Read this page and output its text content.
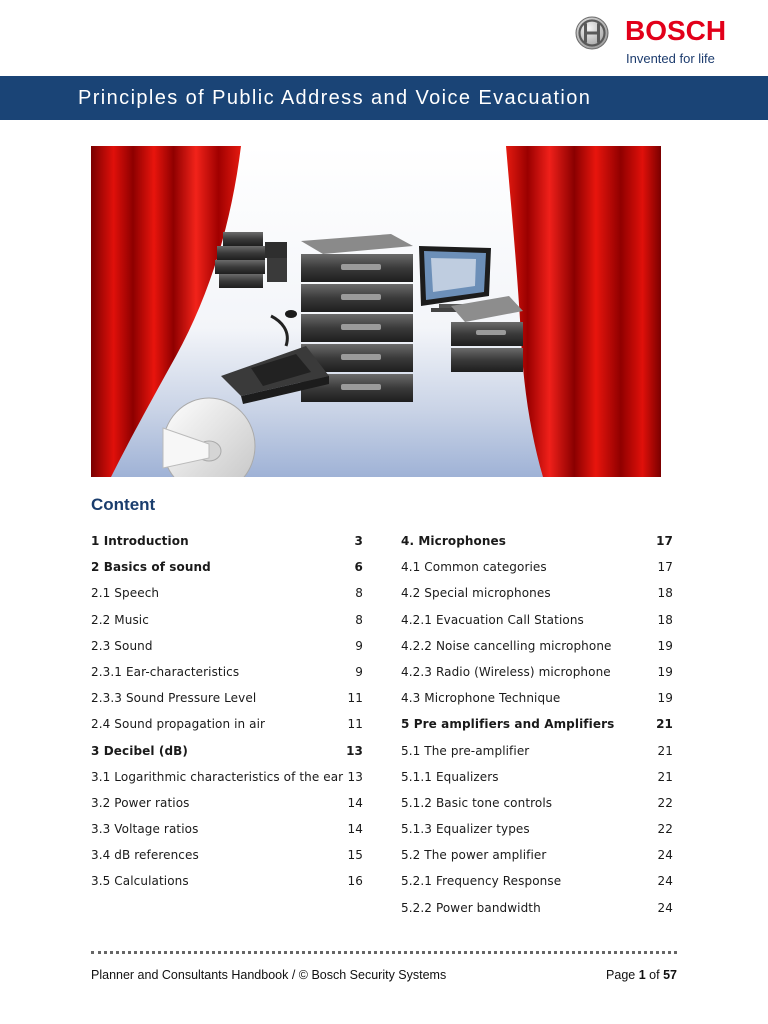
BOSCH
Invented for life
Principles of Public Address and Voice Evacuation
Content
1 Introduction	3
2 Basics of sound	6
2.1 Speech	8
2.2 Music	8
2.3 Sound	9
2.3.1 Ear-characteristics	9
2.3.3 Sound Pressure Level	11
2.4 Sound propagation in air	11
3 Decibel (dB)	13
3.1 Logarithmic characteristics of the ear 13
3.2 Power ratios	14
3.3 Voltage ratios	14
3.4 dB references	15
3.5 Calculations	16
4. Microphones	17
4.1 Common categories	17
4.2 Special microphones	18
4.2.1 Evacuation Call Stations	18
4.2.2 Noise cancelling microphone	19
4.2.3 Radio (Wireless) microphone	19
4.3 Microphone Technique	19
5 Pre amplifiers and Amplifiers	21
5.1 The pre-amplifier	21
5.1.1 Equalizers	21
5.1.2 Basic tone controls	22
5.1.3 Equalizer types	22
5.2 The power amplifier	24
5.2.1 Frequency Response	24
5.2.2 Power bandwidth	24
Planner and Consultants Handbook / © Bosch Security Systems	Page 1 of 57
